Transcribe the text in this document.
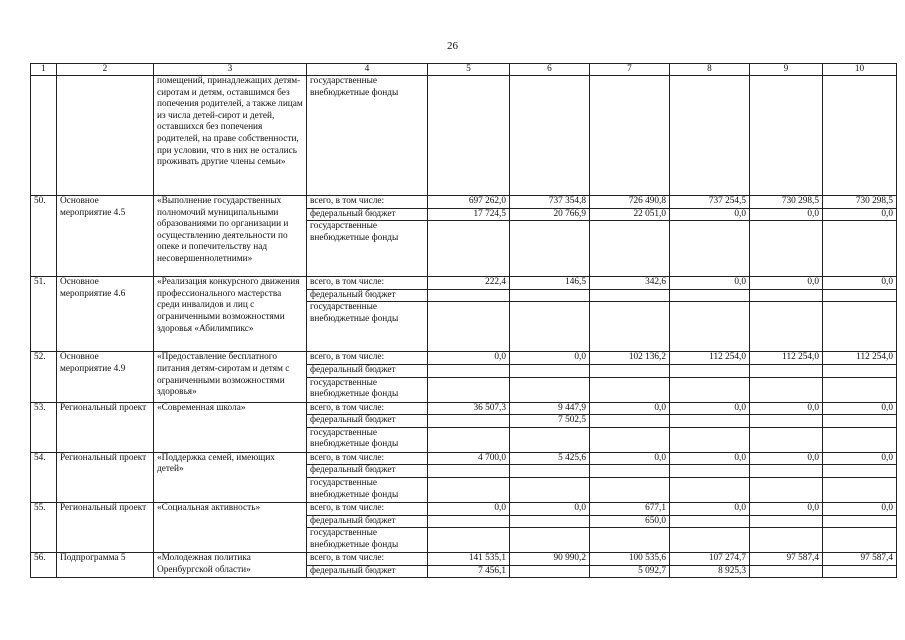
26
1	2	3	4	5	6	7	8	9	10
		помещений, принадлежащих детям-сиротам и детям, оставшимся без попечения родителей, а также лицам из числа детей-сирот и детей, оставшихся без попечения родителей, на праве собственности, при условии, что в них не остались проживать другие члены семьи»	государственные внебюджетные фонды						
50.	Основное мероприятие 4.5	«Выполнение государственных полномочий муниципальными образованиями по организации и осуществлению деятельности по опеке и попечительству над несовершеннолетними»	всего, в том числе:	697 262,0	737 354,8	726 490,8	737 254,5	730 298,5	730 298,5
			федеральный бюджет	17 724,5	20 766,9	22 051,0	0,0	0,0	0,0
			государственные внебюджетные фонды						
51.	Основное мероприятие 4.6	«Реализация конкурсного движения профессионального мастерства среди инвалидов и лиц с ограниченными возможностями здоровья «Абилимпикс»	всего, в том числе:	222,4	146,5	342,6	0,0	0,0	0,0
			федеральный бюджет						
			государственные внебюджетные фонды						
52.	Основное мероприятие 4.9	«Предоставление бесплатного питания детям-сиротам и детям с ограниченными возможностями здоровья»	всего, в том числе:	0,0	0,0	102 136,2	112 254,0	112 254,0	112 254,0
			федеральный бюджет						
			государственные внебюджетные фонды						
53.	Региональный проект	«Современная школа»	всего, в том числе:	36 507,3	9 447,9	0,0	0,0	0,0	0,0
			федеральный бюджет		7 502,5				
			государственные внебюджетные фонды						
54.	Региональный проект	«Поддержка семей, имеющих детей»	всего, в том числе:	4 700,0	5 425,6	0,0	0,0	0,0	0,0
			федеральный бюджет						
			государственные внебюджетные фонды						
55.	Региональный проект	«Социальная активность»	всего, в том числе:	0,0	0,0	677,1	0,0	0,0	0,0
			федеральный бюджет			650,0			
			государственные внебюджетные фонды						
56.	Подпрограмма 5	«Молодежная политика Оренбургской области»	всего, в том числе:	141 535,1	90 990,2	100 535,6	107 274,7	97 587,4	97 587,4
			федеральный бюджет	7 456,1		5 092,7	8 925,3		
